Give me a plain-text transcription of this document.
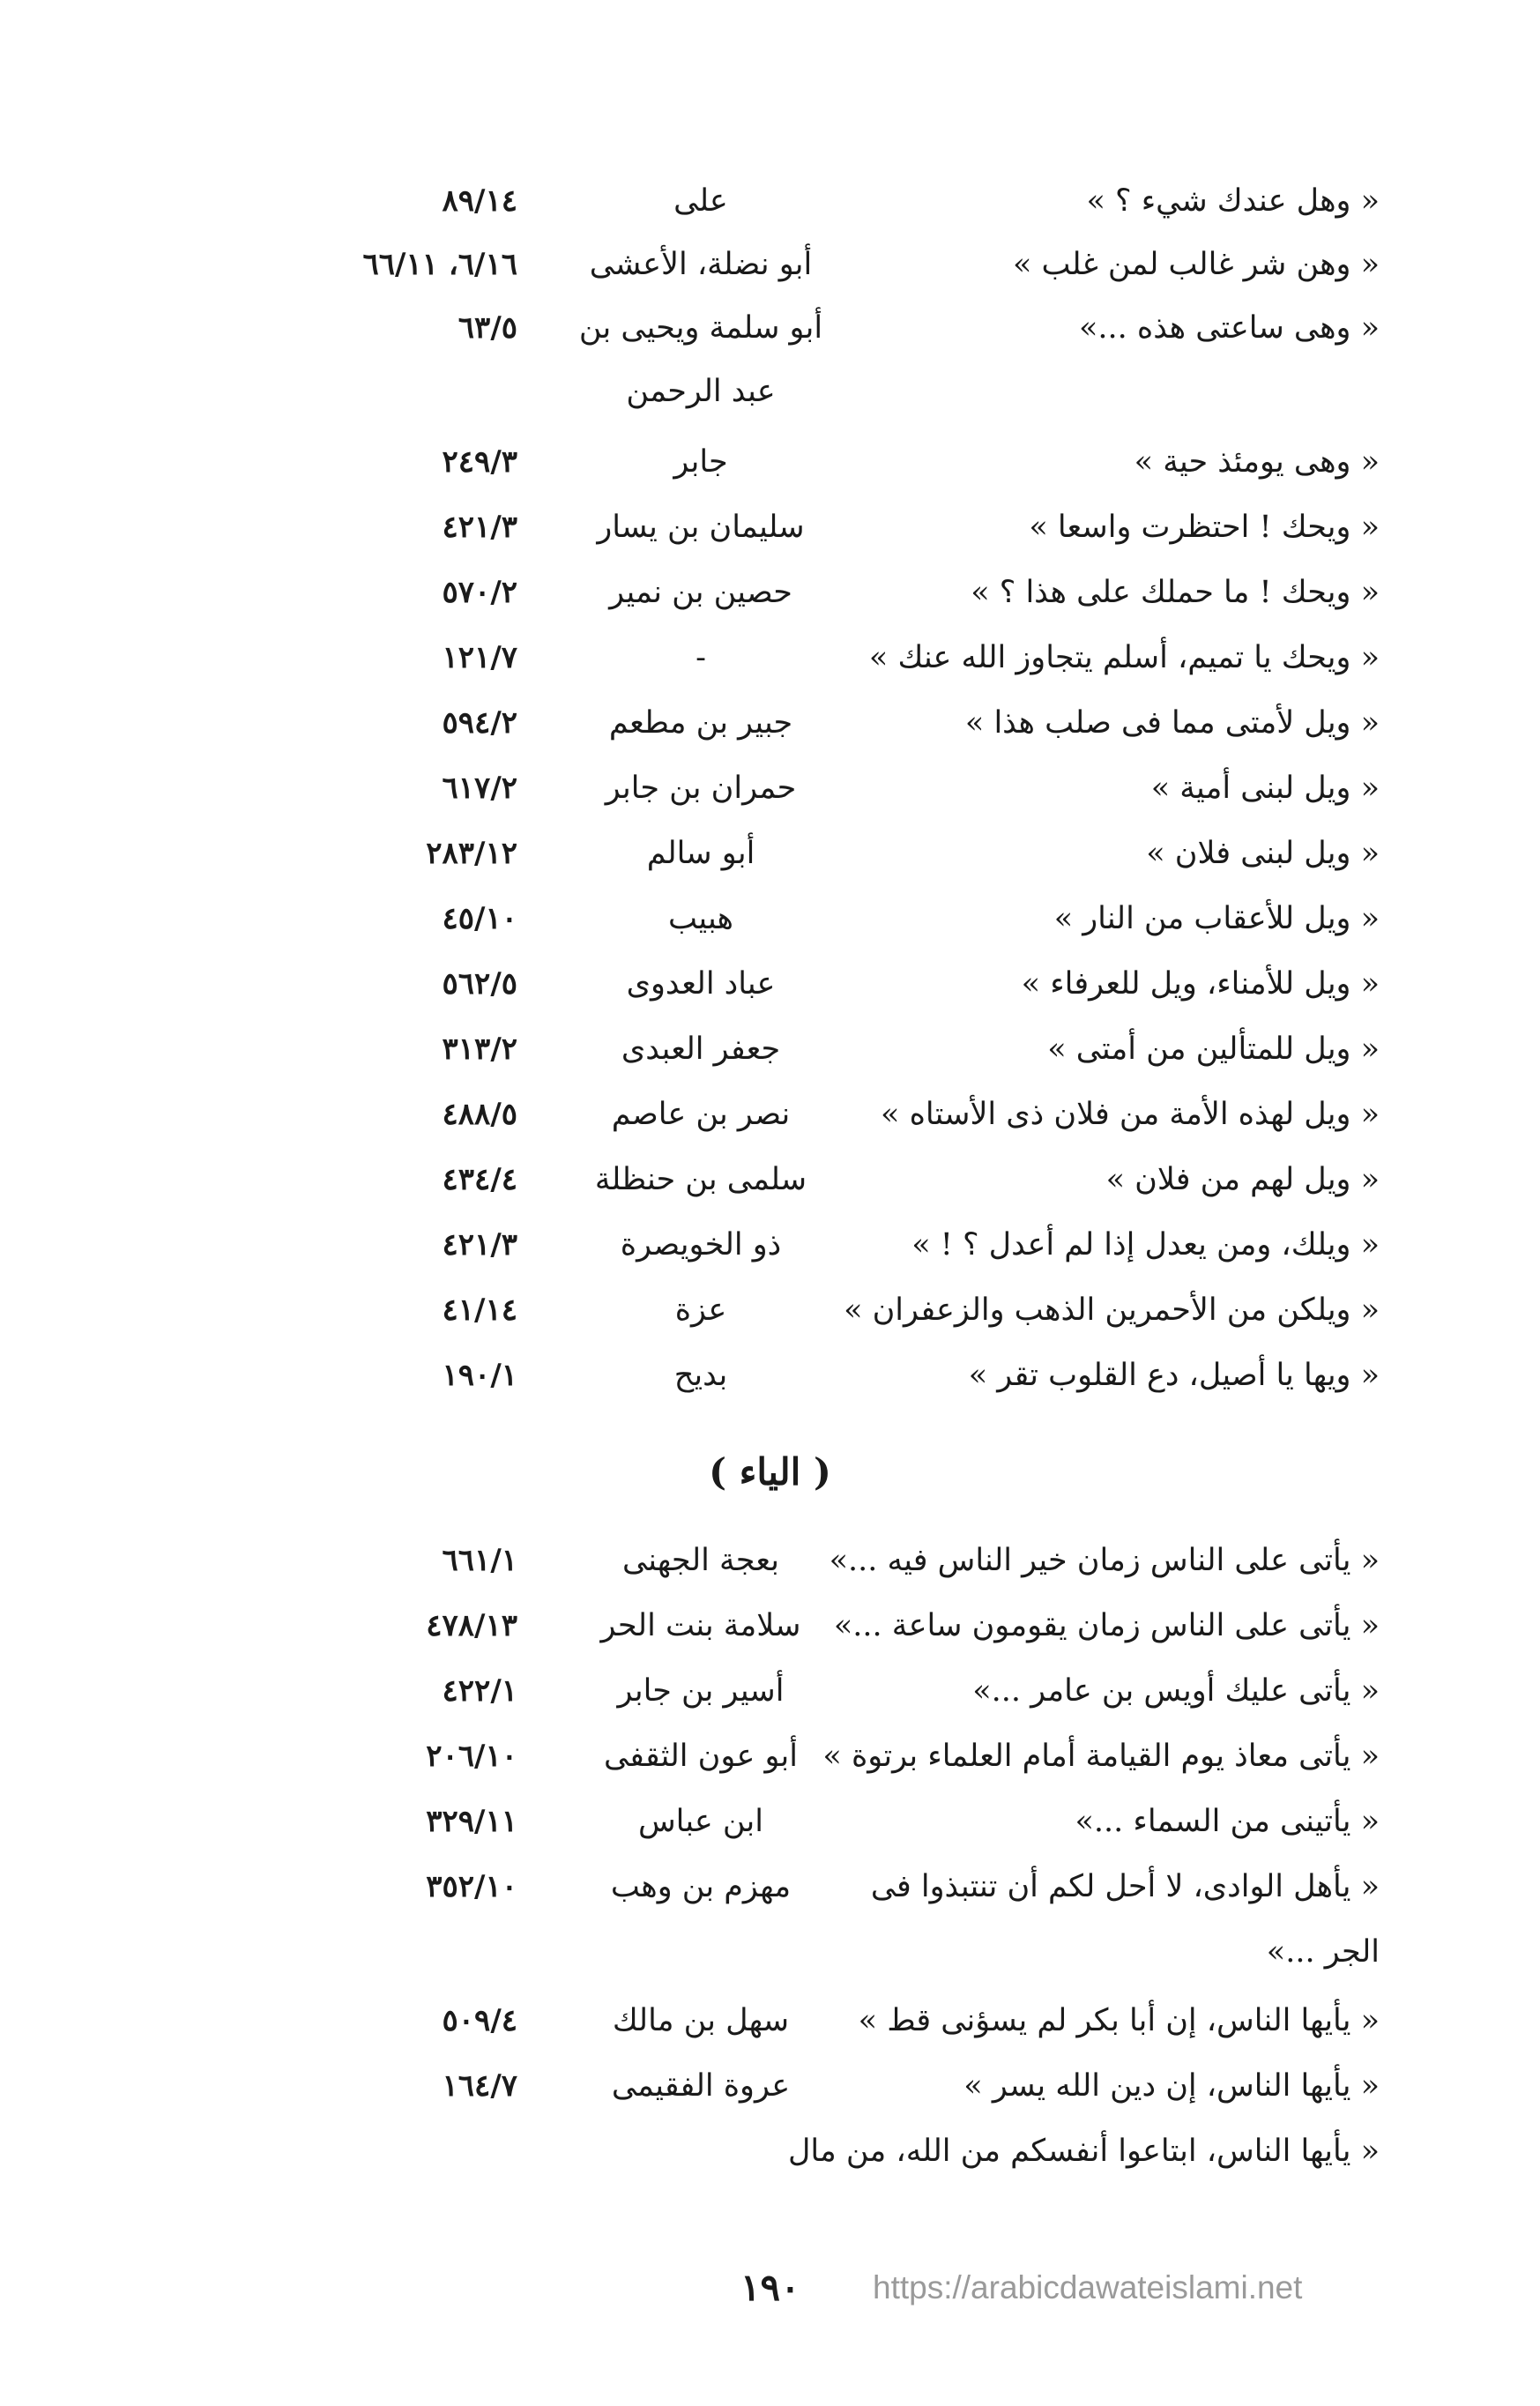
« وهل عندك شيء ؟ »
على
٨٩/١٤
« وهن شر غالب لمن غلب »
أبو نضلة، الأعشى
٦/١٦، ٦٦/١١
« وهى ساعتى هذه ...»
أبو سلمة ويحيى بن
٦٣/٥
عبد الرحمن
« وهى يومئذ حية »
جابر
٢٤٩/٣
« ويحك ! احتظرت واسعا »
سليمان بن يسار
٤٢١/٣
« ويحك ! ما حملك على هذا ؟ »
حصين بن نمير
٥٧٠/٢
« ويحك يا تميم، أسلم يتجاوز الله عنك »
-
١٢١/٧
« ويل لأمتى مما فى صلب هذا »
جبير بن مطعم
٥٩٤/٢
« ويل لبنى أمية »
حمران بن جابر
٦١٧/٢
« ويل لبنى فلان »
أبو سالم
٢٨٣/١٢
« ويل للأعقاب من النار »
هبيب
٤٥/١٠
« ويل للأمناء، ويل للعرفاء »
عباد العدوى
٥٦٢/٥
« ويل للمتألين من أمتى »
جعفر العبدى
٣١٣/٢
« ويل لهذه الأمة من فلان ذى الأستاه »
نصر بن عاصم
٤٨٨/٥
« ويل لهم من فلان »
سلمى بن حنظلة
٤٣٤/٤
« ويلك، ومن يعدل إذا لم أعدل ؟ ! »
ذو الخويصرة
٤٢١/٣
« ويلكن من الأحمرين الذهب والزعفران »
عزة
٤١/١٤
« ويها يا أصيل، دع القلوب تقر »
بديح
١٩٠/١
( الياء )
« يأتى على الناس زمان خير الناس فيه ...»
بعجة الجهنى
٦٦١/١
« يأتى على الناس زمان يقومون ساعة ...»
سلامة بنت الحر
٤٧٨/١٣
« يأتى عليك أويس بن عامر ...»
أسير بن جابر
٤٢٢/١
« يأتى معاذ يوم القيامة أمام العلماء برتوة »
أبو عون الثقفى
٢٠٦/١٠
« يأتينى من السماء ...»
ابن عباس
٣٢٩/١١
« يأهل الوادى، لا أحل لكم أن تنتبذوا فى
مهزم بن وهب
٣٥٢/١٠
الجر ...»
« يأيها الناس، إن أبا بكر لم يسؤنى قط »
سهل بن مالك
٥٠٩/٤
« يأيها الناس، إن دين الله يسر »
عروة الفقيمى
١٦٤/٧
« يأيها الناس، ابتاعوا أنفسكم من الله، من مال
١٩٠ https://arabicdawateislami.net
